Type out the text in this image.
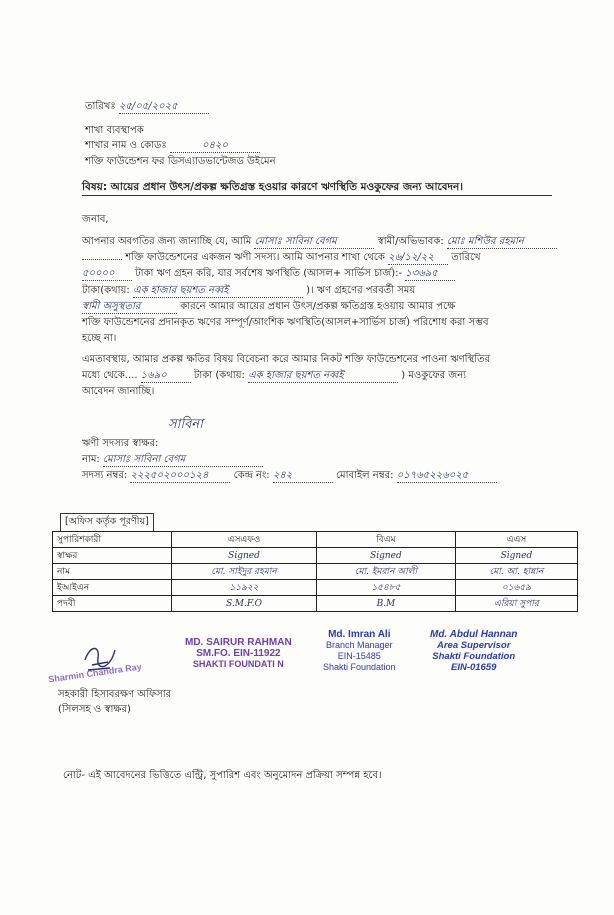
তারিখঃ ২৫/০৫/২০২৫
শাখা ব্যবস্থাপক
শাখার নাম ও কোডঃ	০৪২০
শক্তি ফাউন্ডেশন ফর ডিসএ্যাডভান্টেজড উইমেন
বিষয়: আয়ের প্রধান উৎস/প্রকল্প ক্ষতিগ্রস্ত হওয়ার কারণে ঋণস্থিতি মওকুফের জন্য আবেদন।
জনাব,
আপনার অবগতির জন্য জানাচ্ছি যে, আমি মোসাঃ সাবিনা বেগম	স্বামী/অভিভাবক: মোঃ মশিউর রহমান
শক্তি ফাউন্ডেশনের একজন ঋণী সদস্য। আমি আপনার শাখা থেকে ২৬/১২/২২ তারিখে
৫০০০০ টাকা ঋণ গ্রহন করি, যার সর্বশেষ ঋণস্থিতি (আসল+ সার্ভিস চার্জ):- ১৩৬৯৫
টাকা(কথায়: এক হাজার ছয়শত নব্বই	)। ঋণ গ্রহণের পরবর্তী সময়
স্বামী অসুস্থতার	কারনে আমার আয়ের প্রধান উৎস/প্রকল্প ক্ষতিগ্রস্ত হওয়ায় আমার পক্ষে
শক্তি ফাউন্ডেশনের প্রদানকৃত ঋণের সম্পূর্ণ/আংশিক ঋণস্থিতি(আসল+সার্ভিস চার্জ) পরিশোধ করা সম্ভব
হচ্ছে না।
এমতাবস্থায়, আমার প্রকল্প ক্ষতির বিষয় বিবেচনা করে আমার নিকট শক্তি ফাউন্ডেশনের পাওনা ঋণস্থিতির
মধ্যে থেকে.... ১৬৯০	টাকা (কথায়: এক হাজার ছয়শত নব্বই	) মওকুফের জন্য
আবেদন জানাচ্ছি।
সাবিনা
ঋণী সদস্যর স্বাক্ষর:
নাম: মোসাঃ সাবিনা বেগম
সদস্য নম্বর: ২২২৫০২০০০১২৪	কেন্দ্র নং: ২৪২	মোবাইল নম্বর: ০১৭৬৫২২৬০২৫
[অফিস কর্তৃক পূরণীয়]
সুপারিশকারী	এসএফও	বিএম	এএস
স্বাক্ষর	Signed	Signed	Signed
নাম	মো. সাইদুর রহমান	মো. ইমরান আলী	মো. আ. হান্নান
ইআইএন	১১৯২২	১৫৪৮৫	০১৬৫৯
পদবী	S.M.F.O	B.M	এরিয়া সুপার
MD. SAIRUR RAHMAN
SM.FO. EIN-11922
SHAKTI FOUNDATI N
Md. Imran Ali
Branch Manager
EIN-15485
Shakti Foundation
Md. Abdul Hannan
Area Supervisor
Shakti Foundation
EIN-01659
Sharmin Chandra Ray
সহকারী হিসাবরক্ষণ অফিসার
(সিলসহ ও স্বাক্ষর)
নোট- এই আবেদনের ভিত্তিতে এন্ট্রি, সুপারিশ এবং অনুমোদন প্রক্রিয়া সম্পন্ন হবে।
